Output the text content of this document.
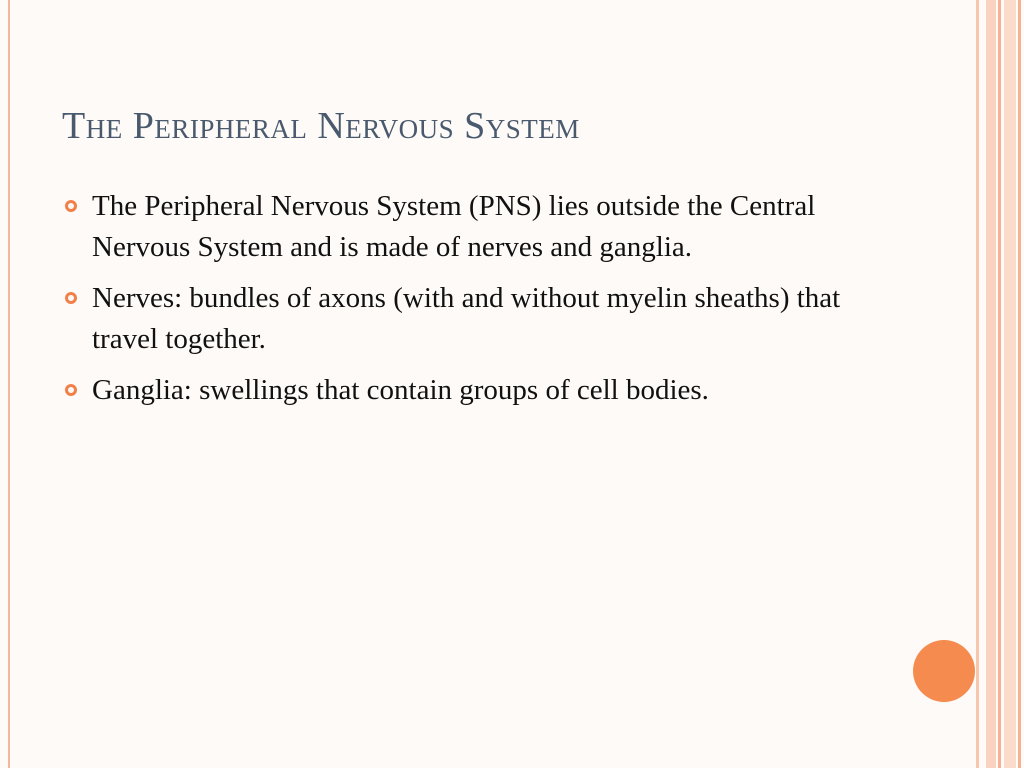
The Peripheral Nervous System
The Peripheral Nervous System (PNS) lies outside the Central Nervous System and is made of nerves and ganglia.
Nerves: bundles of axons (with and without myelin sheaths) that travel together.
Ganglia: swellings that contain groups of cell bodies.
